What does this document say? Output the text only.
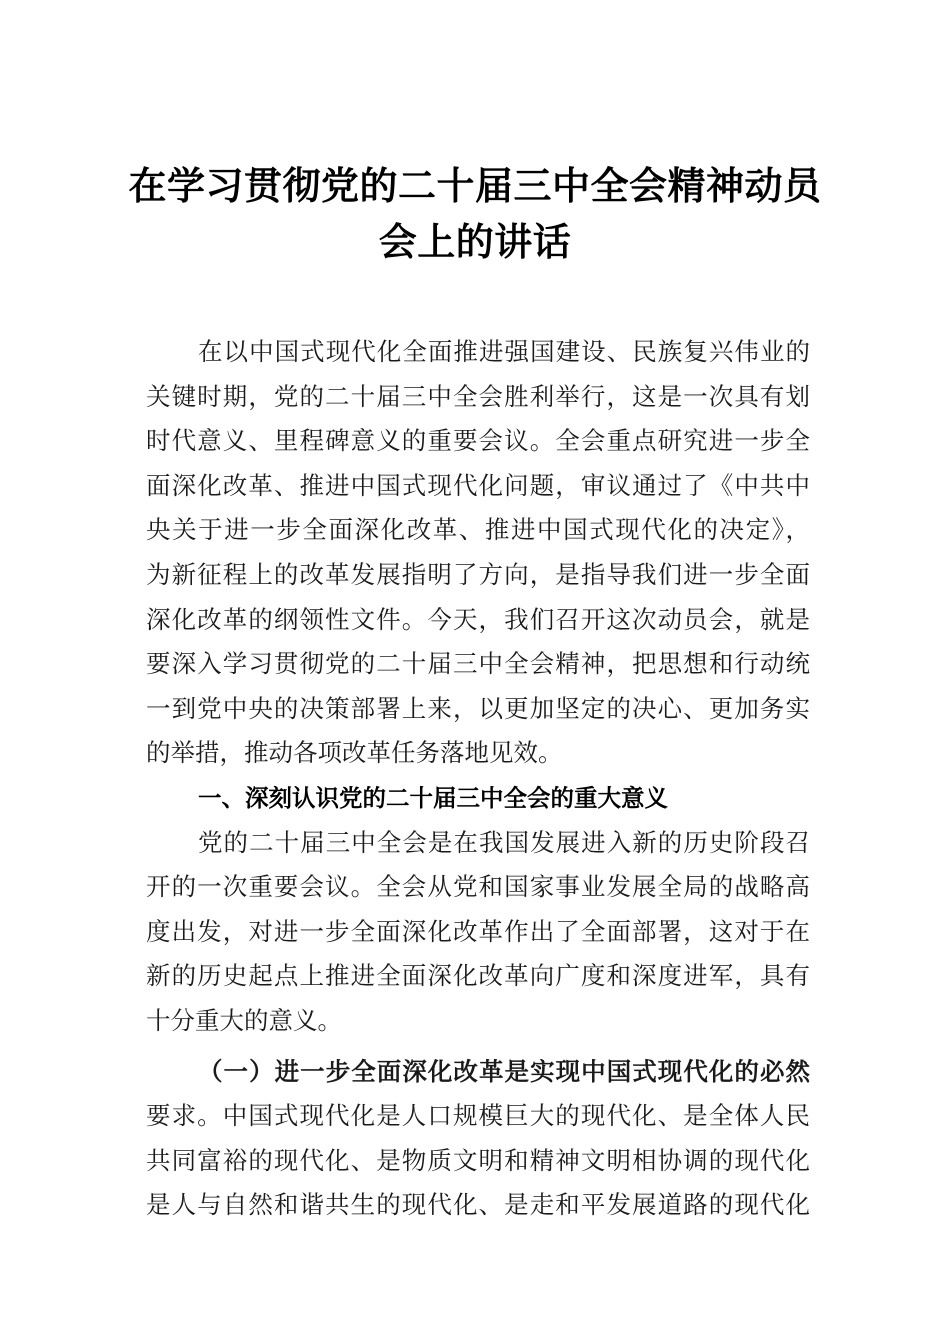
在学习贯彻党的二十届三中全会精神动员
会上的讲话
在以中国式现代化全面推进强国建设、民族复兴伟业的
关键时期，党的二十届三中全会胜利举行，这是一次具有划
时代意义、里程碑意义的重要会议。全会重点研究进一步全
面深化改革、推进中国式现代化问题，审议通过了《中共中
央关于进一步全面深化改革、推进中国式现代化的决定》，
为新征程上的改革发展指明了方向，是指导我们进一步全面
深化改革的纲领性文件。今天，我们召开这次动员会，就是
要深入学习贯彻党的二十届三中全会精神，把思想和行动统
一到党中央的决策部署上来，以更加坚定的决心、更加务实
的举措，推动各项改革任务落地见效。
一、深刻认识党的二十届三中全会的重大意义
党的二十届三中全会是在我国发展进入新的历史阶段召
开的一次重要会议。全会从党和国家事业发展全局的战略高
度出发，对进一步全面深化改革作出了全面部署，这对于在
新的历史起点上推进全面深化改革向广度和深度进军，具有
十分重大的意义。
（一）进一步全面深化改革是实现中国式现代化的必然
要求。中国式现代化是人口规模巨大的现代化、是全体人民
共同富裕的现代化、是物质文明和精神文明相协调的现代化
是人与自然和谐共生的现代化、是走和平发展道路的现代化
